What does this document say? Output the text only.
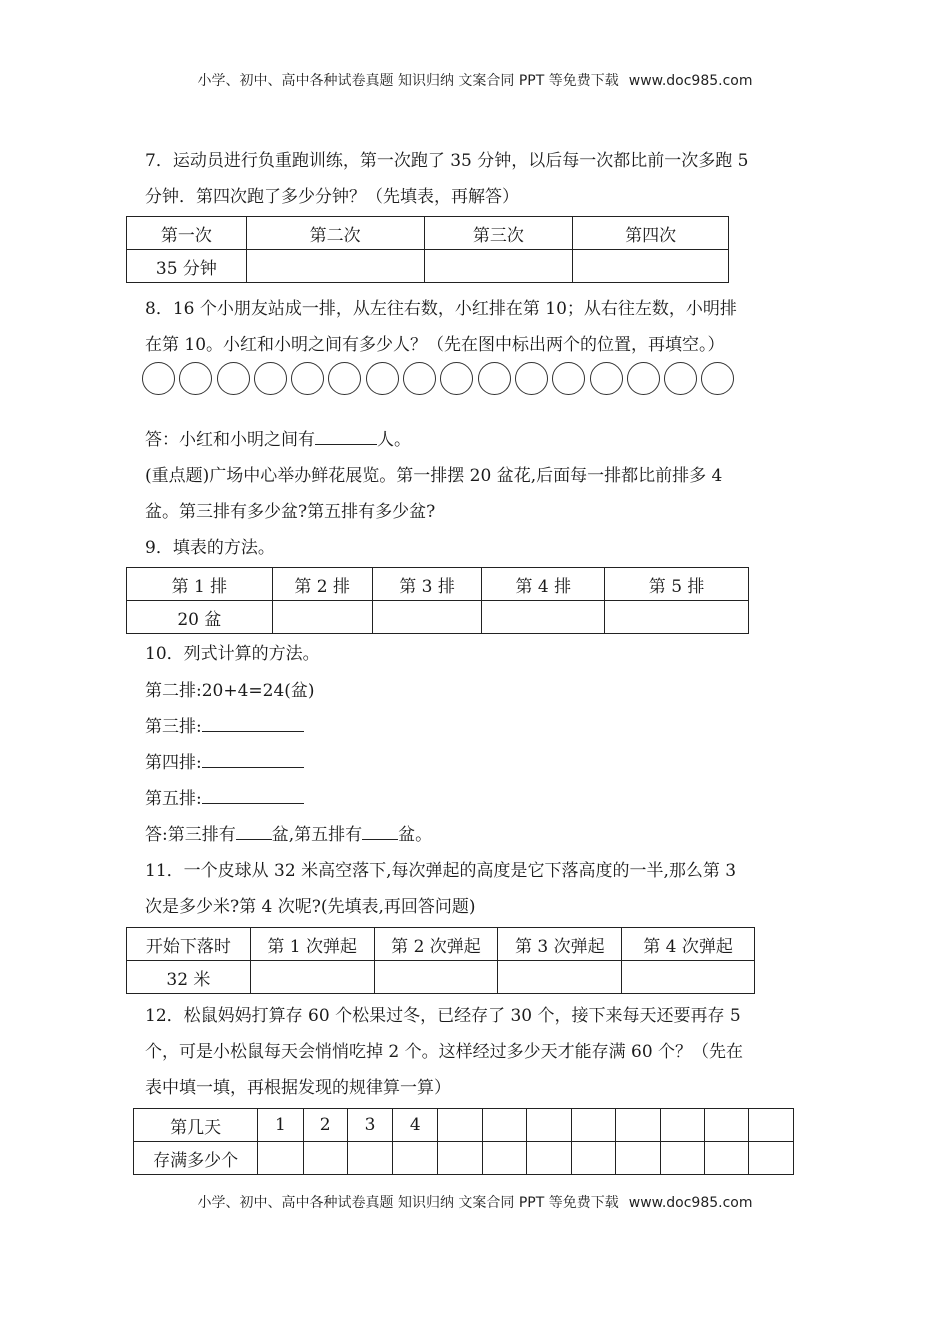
小学、初中、高中各种试卷真题 知识归纳 文案合同 PPT 等免费下载 www.doc985.com
7．运动员进行负重跑训练，第一次跑了 35 分钟，以后每一次都比前一次多跑 5
分钟．第四次跑了多少分钟？（先填表，再解答）
第一次	第二次	第三次	第四次
35 分钟			
8．16 个小朋友站成一排，从左往右数，小红排在第 10；从右往左数，小明排
在第 10。小红和小明之间有多少人？（先在图中标出两个的位置，再填空。）
答：小红和小明之间有	人。
(重点题)广场中心举办鲜花展览。第一排摆 20 盆花,后面每一排都比前排多 4
盆。第三排有多少盆?第五排有多少盆?
9．填表的方法。
第 1 排	第 2 排	第 3 排	第 4 排	第 5 排
20 盆				
10．列式计算的方法。
第二排:20+4=24(盆)
第三排:
第四排:
第五排:
答:第三排有 盆,第五排有 盆。
11．一个皮球从 32 米高空落下,每次弹起的高度是它下落高度的一半,那么第 3
次是多少米?第 4 次呢?(先填表,再回答问题)
开始下落时	第 1 次弹起	第 2 次弹起	第 3 次弹起	第 4 次弹起
32 米				
12．松鼠妈妈打算存 60 个松果过冬，已经存了 30 个，接下来每天还要再存 5
个，可是小松鼠每天会悄悄吃掉 2 个。这样经过多少天才能存满 60 个？（先在
表中填一填，再根据发现的规律算一算）
第几天	1	2	3	4								
存满多少个												
小学、初中、高中各种试卷真题 知识归纳 文案合同 PPT 等免费下载 www.doc985.com
